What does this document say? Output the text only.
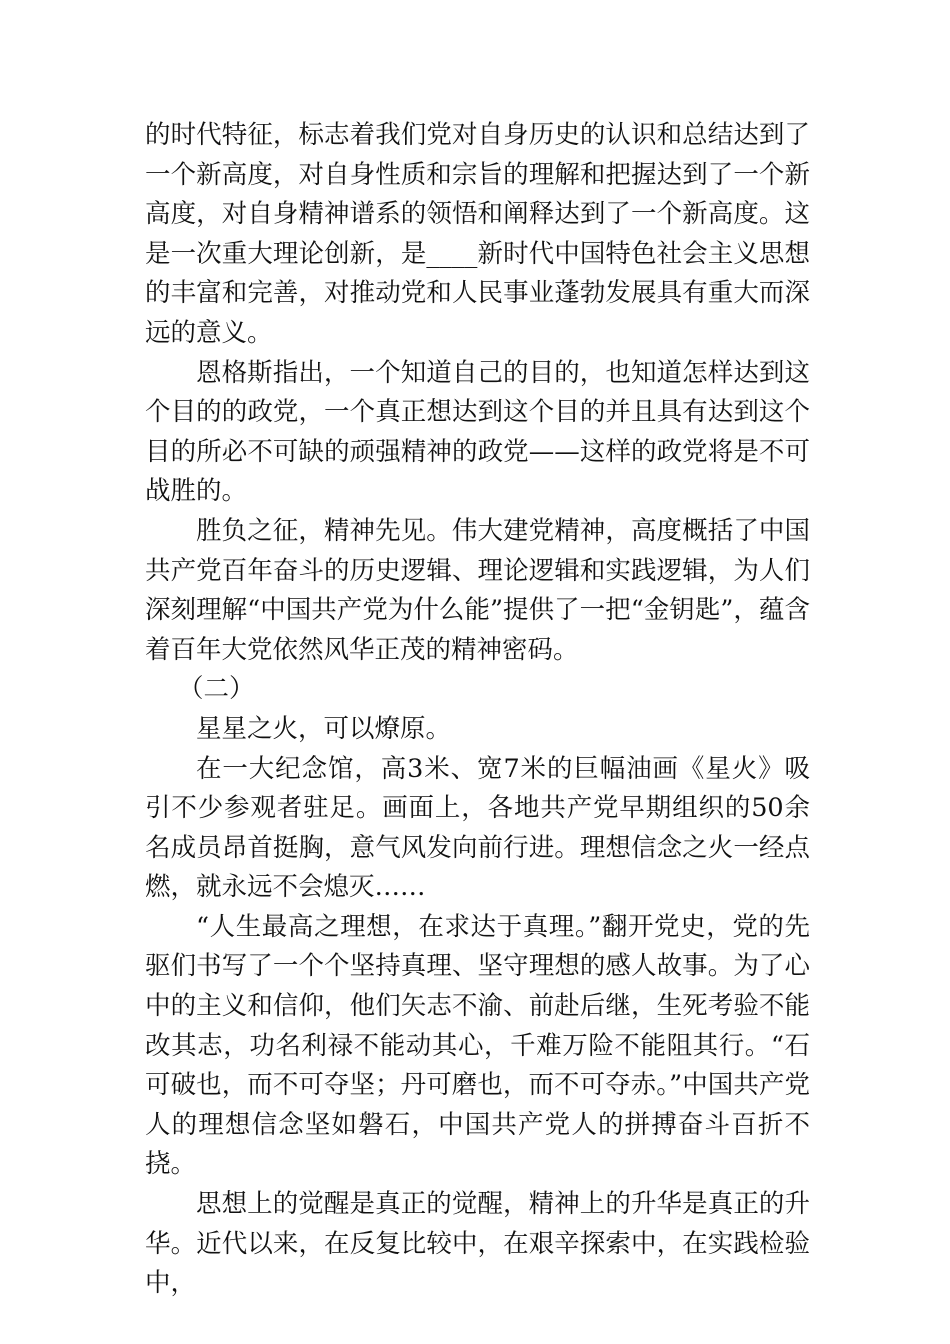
的时代特征，标志着我们党对自身历史的认识和总结达到了一个新高度，对自身性质和宗旨的理解和把握达到了一个新高度，对自身精神谱系的领悟和阐释达到了一个新高度。这是一次重大理论创新，是____新时代中国特色社会主义思想的丰富和完善，对推动党和人民事业蓬勃发展具有重大而深远的意义。

恩格斯指出，一个知道自己的目的，也知道怎样达到这个目的的政党，一个真正想达到这个目的并且具有达到这个目的所必不可缺的顽强精神的政党——这样的政党将是不可战胜的。

胜负之征，精神先见。伟大建党精神，高度概括了中国共产党百年奋斗的历史逻辑、理论逻辑和实践逻辑，为人们深刻理解“中国共产党为什么能”提供了一把“金钥匙”，蕴含着百年大党依然风华正茂的精神密码。

（二）

星星之火，可以燎原。

在一大纪念馆，高3米、宽7米的巨幅油画《星火》吸引不少参观者驻足。画面上，各地共产党早期组织的50余名成员昂首挺胸，意气风发向前行进。理想信念之火一经点燃，就永远不会熄灭……

“人生最高之理想，在求达于真理。”翻开党史，党的先驱们书写了一个个坚持真理、坚守理想的感人故事。为了心中的主义和信仰，他们矢志不渝、前赴后继，生死考验不能改其志，功名利禄不能动其心，千难万险不能阻其行。“石可破也，而不可夺坚；丹可磨也，而不可夺赤。”中国共产党人的理想信念坚如磐石，中国共产党人的拼搏奋斗百折不挠。

思想上的觉醒是真正的觉醒，精神上的升华是真正的升华。近代以来，在反复比较中，在艰辛探索中，在实践检验中，
